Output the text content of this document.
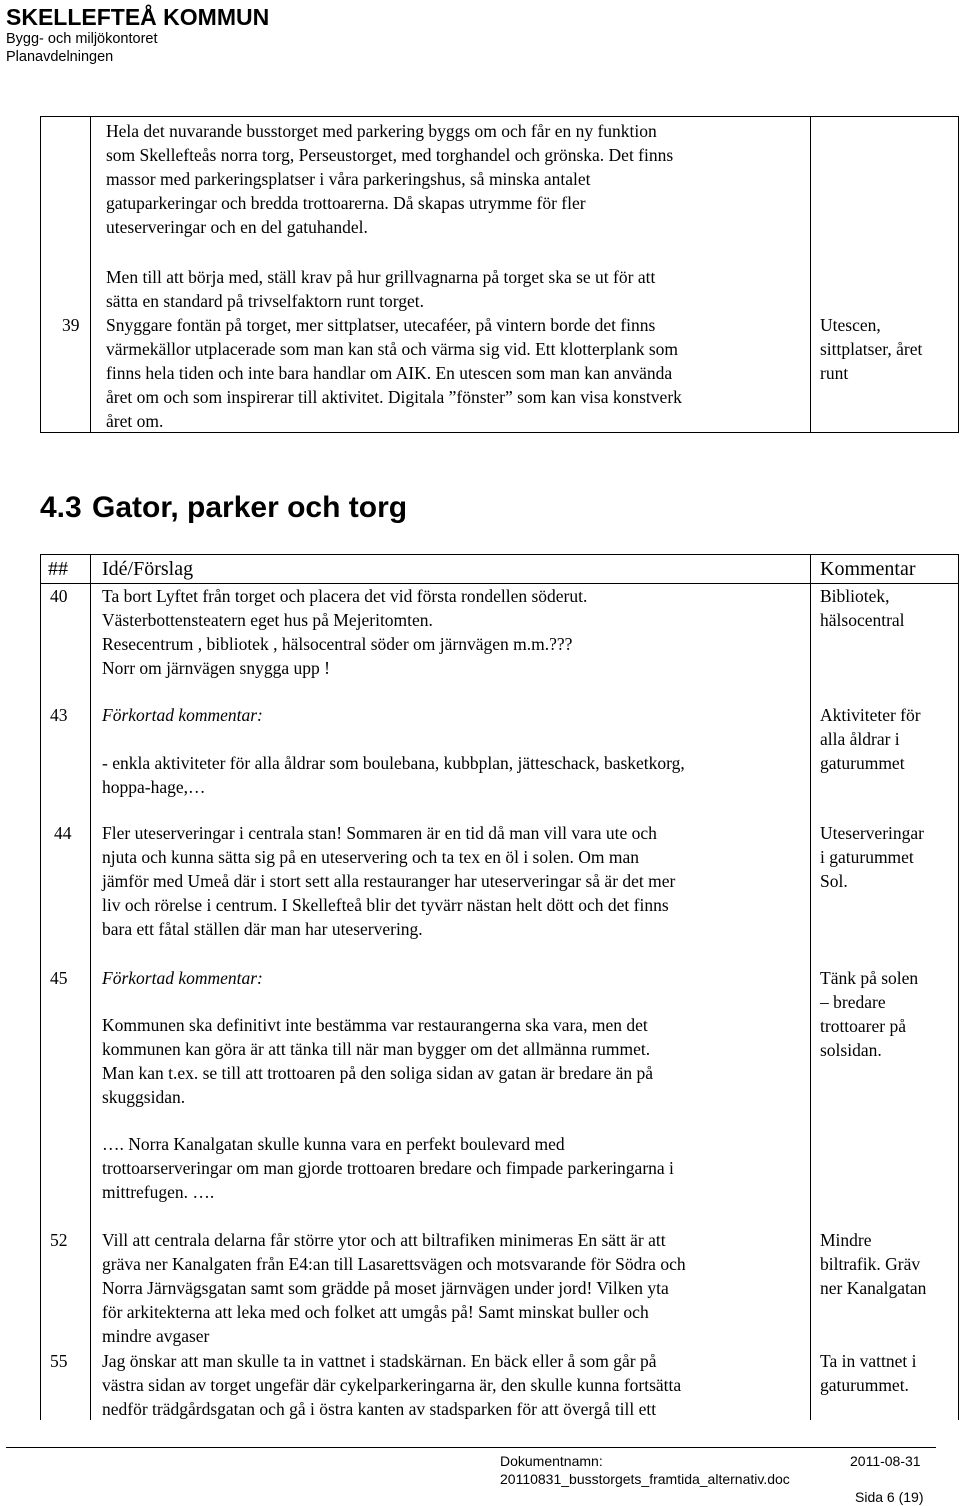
SKELLEFTEÅ KOMMUN
Bygg- och miljökontoret
Planavdelningen
Hela det nuvarande busstorget med parkering byggs om och får en ny funktion
som Skellefteås norra torg, Perseustorget, med torghandel och grönska. Det finns
massor med parkeringsplatser i våra parkeringshus, så minska antalet
gatuparkeringar och bredda trottoarerna. Då skapas utrymme för fler
uteserveringar och en del gatuhandel.
Men till att börja med, ställ krav på hur grillvagnarna på torget ska se ut för att
sätta en standard på trivselfaktorn runt torget.
39 Snyggare fontän på torget, mer sittplatser, utecaféer, på vintern borde det finns
värmekällor utplacerade som man kan stå och värma sig vid. Ett klotterplank som
finns hela tiden och inte bara handlar om AIK. En utescen som man kan använda
året om och som inspirerar till aktivitet. Digitala ”fönster” som kan visa konstverk
året om.
Utescen,
sittplatser, året
runt
4.3 Gator, parker och torg
## Idé/Förslag	Kommentar
40 Ta bort Lyftet från torget och placera det vid första rondellen söderut.
Västerbottensteatern eget hus på Mejeritomten.
Resecentrum , bibliotek , hälsocentral söder om järnvägen m.m.???
Norr om järnvägen snygga upp !
Bibliotek,
hälsocentral
43 Förkortad kommentar:
- enkla aktiviteter för alla åldrar som boulebana, kubbplan, jätteschack, basketkorg,
hoppa-hage,…
Aktiviteter för
alla åldrar i
gaturummet
44 Fler uteserveringar i centrala stan! Sommaren är en tid då man vill vara ute och
njuta och kunna sätta sig på en uteservering och ta tex en öl i solen. Om man
jämför med Umeå där i stort sett alla restauranger har uteserveringar så är det mer
liv och rörelse i centrum. I Skellefteå blir det tyvärr nästan helt dött och det finns
bara ett fåtal ställen där man har uteservering.
Uteserveringar
i gaturummet
Sol.
45 Förkortad kommentar:
Kommunen ska definitivt inte bestämma var restaurangerna ska vara, men det
kommunen kan göra är att tänka till när man bygger om det allmänna rummet.
Man kan t.ex. se till att trottoaren på den soliga sidan av gatan är bredare än på
skuggsidan.
…. Norra Kanalgatan skulle kunna vara en perfekt boulevard med
trottoarserveringar om man gjorde trottoaren bredare och fimpade parkeringarna i
mittrefugen. ….
Tänk på solen
– bredare
trottoarer på
solsidan.
52 Vill att centrala delarna får större ytor och att biltrafiken minimeras En sätt är att
gräva ner Kanalgaten från E4:an till Lasarettsvägen och motsvarande för Södra och
Norra Järnvägsgatan samt som grädde på moset järnvägen under jord! Vilken yta
för arkitekterna att leka med och folket att umgås på! Samt minskat buller och
mindre avgaser
Mindre
biltrafik. Gräv
ner Kanalgatan
55 Jag önskar att man skulle ta in vattnet i stadskärnan. En bäck eller å som går på
västra sidan av torget ungefär där cykelparkeringarna är, den skulle kunna fortsätta
nedför trädgårdsgatan och gå i östra kanten av stadsparken för att övergå till ett
Ta in vattnet i
gaturummet.
Dokumentnamn:	2011-08-31
20110831_busstorgets_framtida_alternativ.doc
Sida 6 (19)
